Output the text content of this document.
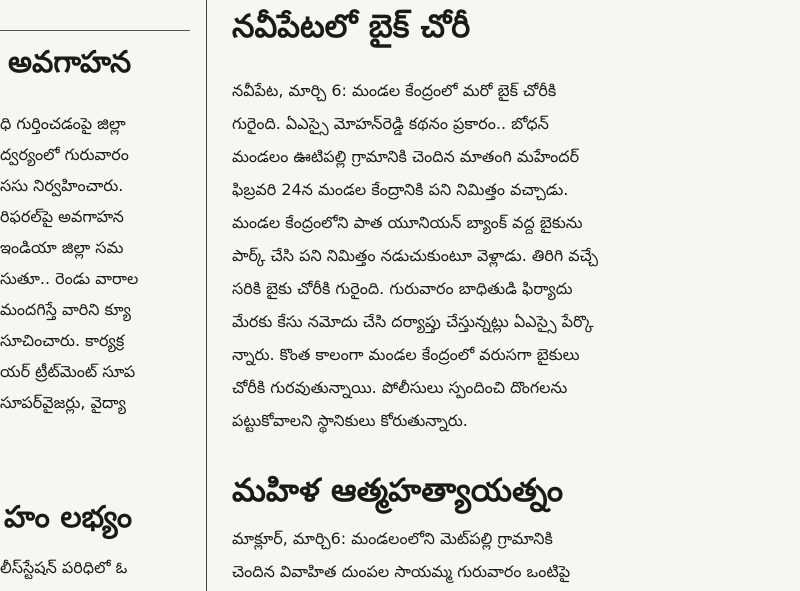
అవగాహన
ధి గుర్తించడంపై జిల్లా
ద్వర్యంలో గురువారం
ససు నిర్వహించారు.
రిఫరల్‌పై అవగాహన
ఇండియా జిల్లా సమ
సుతూ.. రెండు వారాల
మందగిస్తే వారిని క్యూ
సూచించారు. కార్యక్ర
యర్ ట్రీట్‌మెంట్ సూప
సూపర్‌వైజర్లు, వైద్యా
హం లభ్యం
లీస్‌స్టేషన్ పరిధిలో ఓ
నవీపేటలో బైక్ చోరీ
నవీపేట, మార్చి 6: మండల కేంద్రంలో మరో బైక్ చోరీకి
గురైంది. ఏఎస్సై మోహన్‌రెడ్డి కథనం ప్రకారం.. బోధన్
మండలం ఊటిపల్లి గ్రామానికి చెందిన మాతంగి మహేందర్
ఫిబ్రవరి 24న మండల కేంద్రానికి పని నిమిత్తం వచ్చాడు.
మండల కేంద్రంలోని పాత యూనియన్ బ్యాంక్ వద్ద బైకును
పార్క్ చేసి పని నిమిత్తం నడుచుకుంటూ వెళ్లాడు. తిరిగి వచ్చే
సరికి బైకు చోరీకి గురైంది. గురువారం బాధితుడి ఫిర్యాదు
మేరకు కేసు నమోదు చేసి దర్యాప్తు చేస్తున్నట్లు ఏఎస్సై పేర్కొ
న్నారు. కొంత కాలంగా మండల కేంద్రంలో వరుసగా బైకులు
చోరీకి గురవుతున్నాయి. పోలీసులు స్పందించి దొంగలను
పట్టుకోవాలని స్థానికులు కోరుతున్నారు.
మహిళ ఆత్మహత్యాయత్నం
మాక్లూర్, మార్చి6: మండలంలోని మెట్‌పల్లి గ్రామానికి
చెందిన వివాహిత దుంపల సాయమ్మ గురువారం ఒంటిపై
